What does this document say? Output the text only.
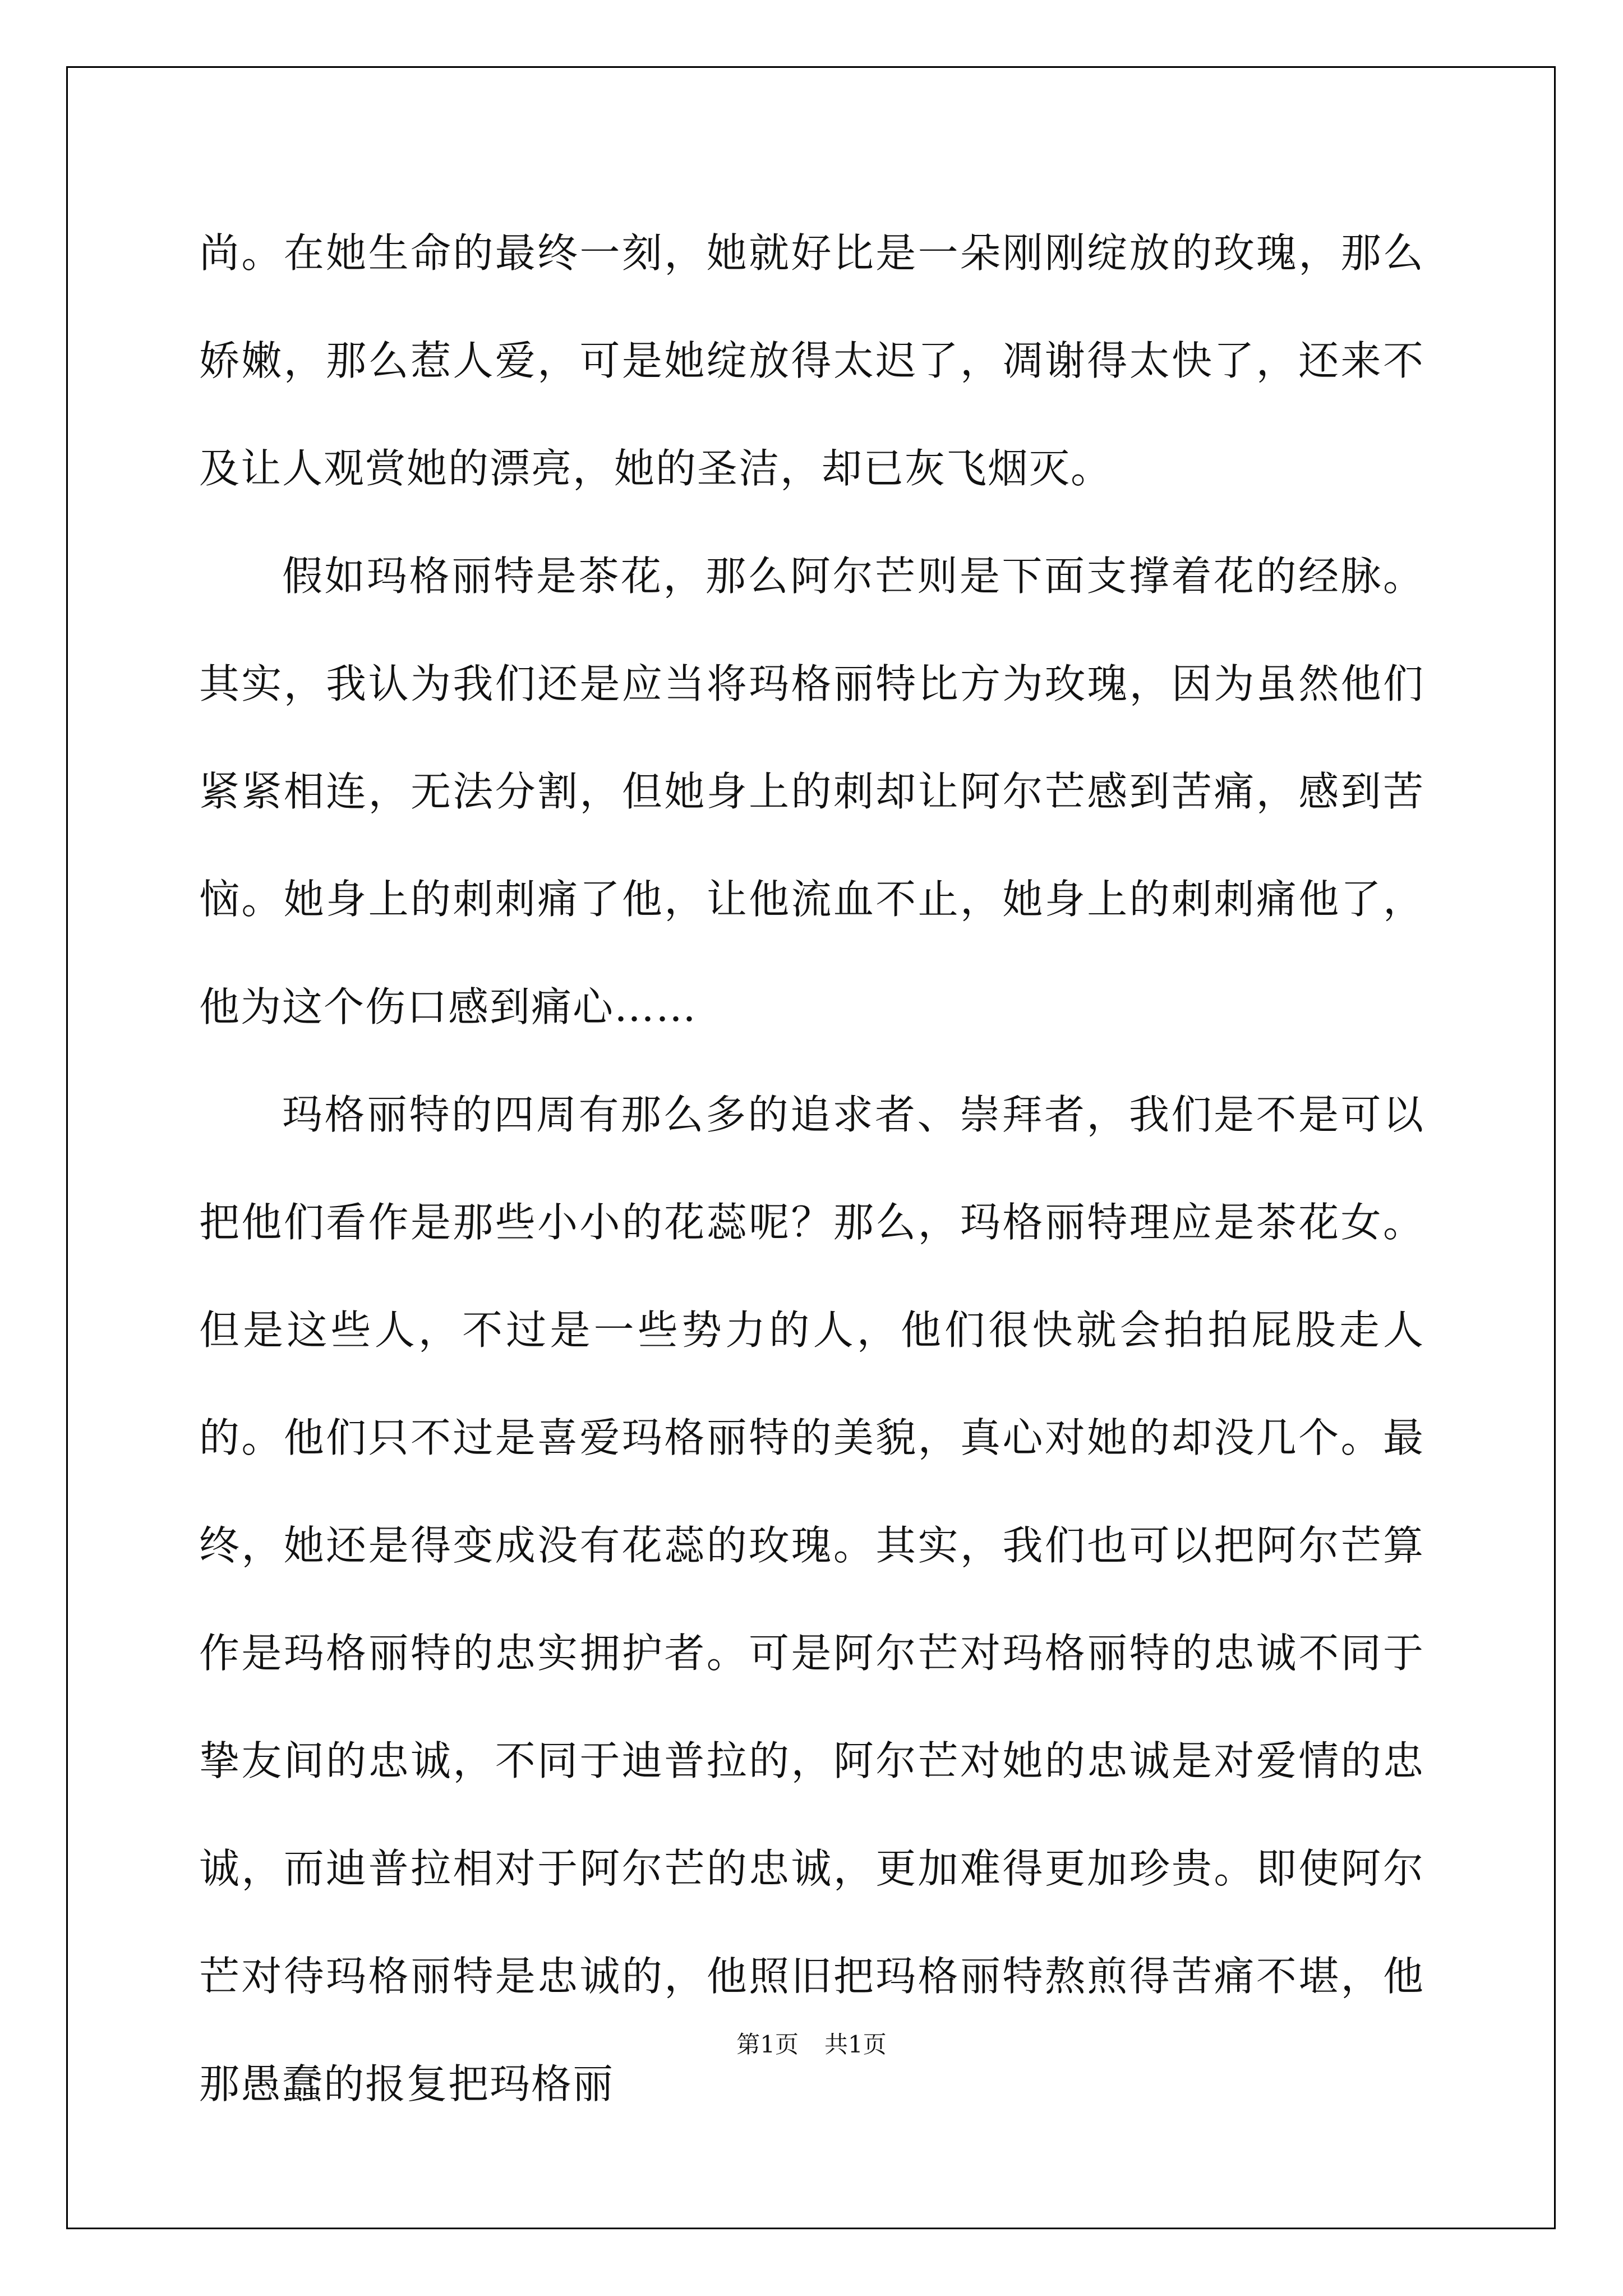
尚。在她生命的最终一刻，她就好比是一朵刚刚绽放的玫瑰，那么娇嫩，那么惹人爱，可是她绽放得太迟了，凋谢得太快了，还来不及让人观赏她的漂亮，她的圣洁，却已灰飞烟灭。

假如玛格丽特是茶花，那么阿尔芒则是下面支撑着花的经脉。其实，我认为我们还是应当将玛格丽特比方为玫瑰，因为虽然他们紧紧相连，无法分割，但她身上的刺却让阿尔芒感到苦痛，感到苦恼。她身上的刺刺痛了他，让他流血不止，她身上的刺刺痛他了，他为这个伤口感到痛心……

玛格丽特的四周有那么多的追求者、崇拜者，我们是不是可以把他们看作是那些小小的花蕊呢？那么，玛格丽特理应是茶花女。但是这些人，不过是一些势力的人，他们很快就会拍拍屁股走人的。他们只不过是喜爱玛格丽特的美貌，真心对她的却没几个。最终，她还是得变成没有花蕊的玫瑰。其实，我们也可以把阿尔芒算作是玛格丽特的忠实拥护者。可是阿尔芒对玛格丽特的忠诚不同于挚友间的忠诚，不同于迪普拉的，阿尔芒对她的忠诚是对爱情的忠诚，而迪普拉相对于阿尔芒的忠诚，更加难得更加珍贵。即使阿尔芒对待玛格丽特是忠诚的，他照旧把玛格丽特熬煎得苦痛不堪，他那愚蠢的报复把玛格丽

第1页 共1页
